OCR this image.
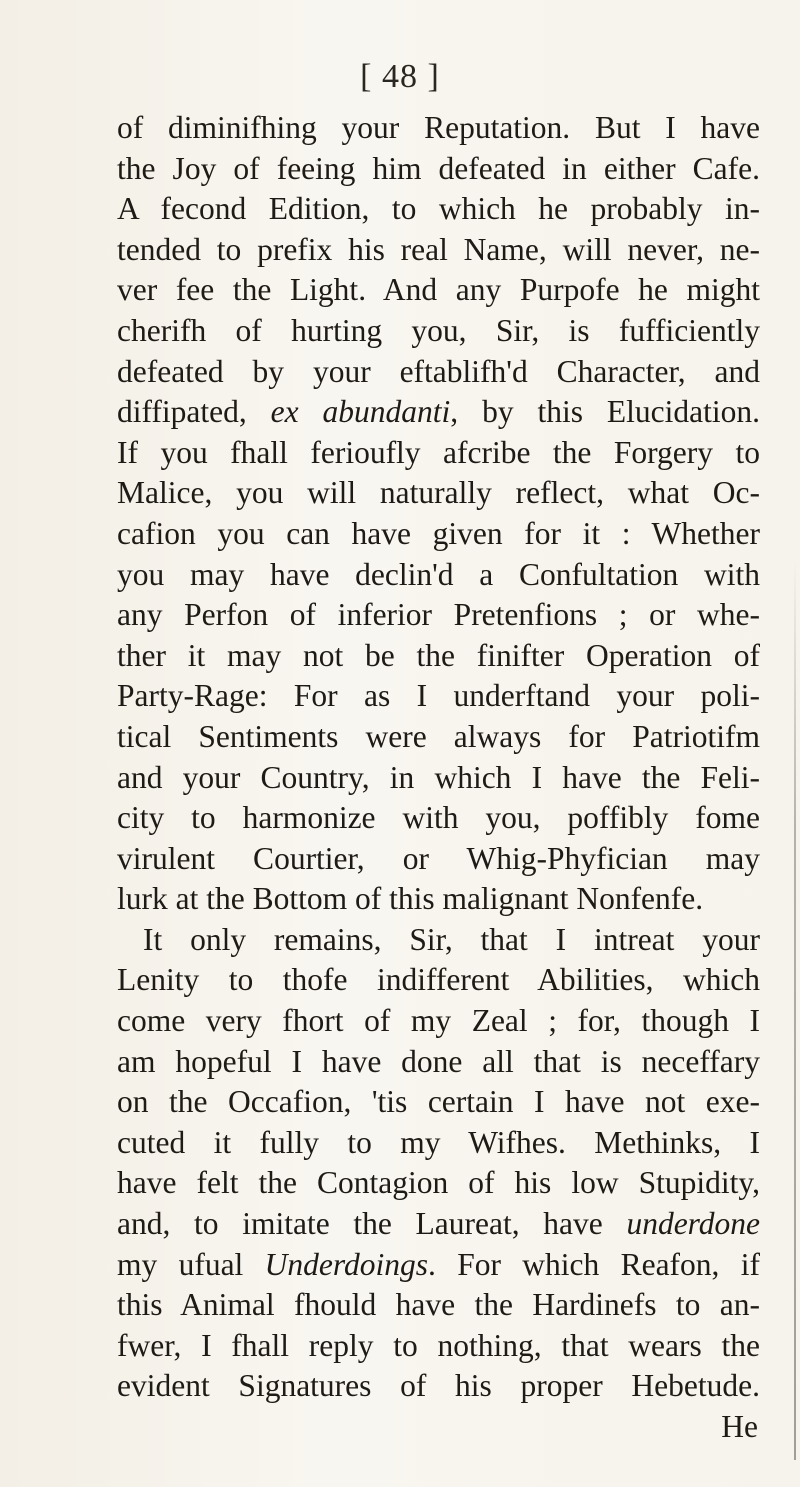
[ 48 ]
of diminifhing your Reputation. But I have
the Joy of feeing him defeated in either Cafe.
A fecond Edition, to which he probably in-
tended to prefix his real Name, will never, ne-
ver fee the Light. And any Purpofe he might
cherifh of hurting you, Sir, is fufficiently
defeated by your eftablifh'd Character, and
diffipated, ex abundanti, by this Elucidation.
If you fhall ferioufly afcribe the Forgery to
Malice, you will naturally reflect, what Oc-
cafion you can have given for it : Whether
you may have declin'd a Confultation with
any Perfon of inferior Pretenfions ; or whe-
ther it may not be the finifter Operation of
Party-Rage: For as I underftand your poli-
tical Sentiments were always for Patriotifm
and your Country, in which I have the Feli-
city to harmonize with you, poffibly fome
virulent Courtier, or Whig-Phyfician may
lurk at the Bottom of this malignant Nonfenfe.
It only remains, Sir, that I intreat your
Lenity to thofe indifferent Abilities, which
come very fhort of my Zeal ; for, though I
am hopeful I have done all that is neceffary
on the Occafion, 'tis certain I have not exe-
cuted it fully to my Wifhes. Methinks, I
have felt the Contagion of his low Stupidity,
and, to imitate the Laureat, have underdone
my ufual Underdoings. For which Reafon, if
this Animal fhould have the Hardinefs to an-
fwer, I fhall reply to nothing, that wears the
evident Signatures of his proper Hebetude.
He
